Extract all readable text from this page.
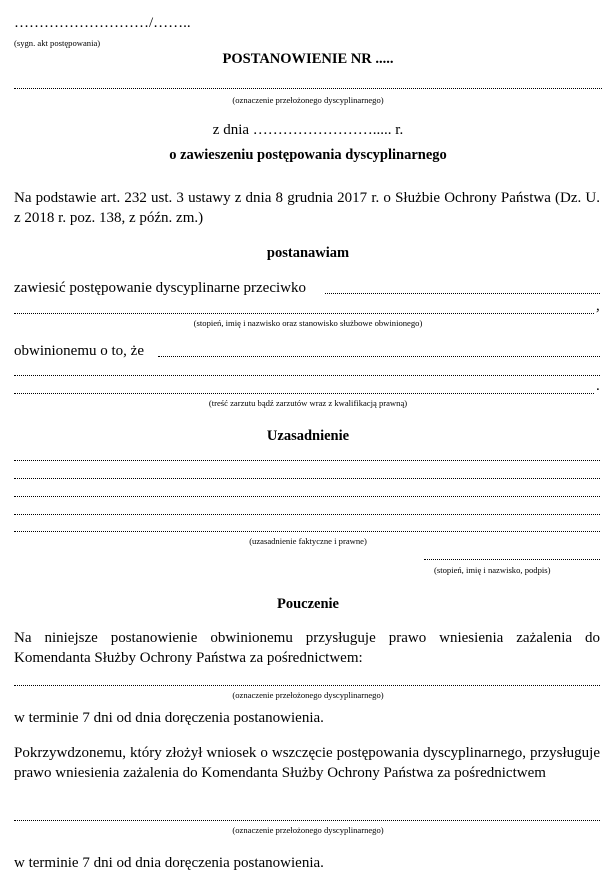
………………………/……..
(sygn. akt postępowania)
POSTANOWIENIE NR .....
(oznaczenie przełożonego dyscyplinarnego)
z dnia ……………………..... r.
o zawieszeniu postępowania dyscyplinarnego
Na podstawie art. 232 ust. 3 ustawy z dnia 8 grudnia 2017 r. o Służbie Ochrony Państwa (Dz. U. z 2018 r. poz. 138, z późn. zm.)
postanawiam
zawiesić postępowanie dyscyplinarne przeciwko
,
(stopień, imię i nazwisko oraz stanowisko służbowe obwinionego)
obwinionemu o to, że
.
(treść zarzutu bądź zarzutów wraz z kwalifikacją prawną)
Uzasadnienie
(uzasadnienie faktyczne i prawne)
(stopień, imię i nazwisko, podpis)
Pouczenie
Na niniejsze postanowienie obwinionemu przysługuje prawo wniesienia zażalenia do Komendanta Służby Ochrony Państwa za pośrednictwem:
(oznaczenie przełożonego dyscyplinarnego)
w terminie 7 dni od dnia doręczenia postanowienia.
Pokrzywdzonemu, który złożył wniosek o wszczęcie postępowania dyscyplinarnego, przysługuje prawo wniesienia zażalenia do Komendanta Służby Ochrony Państwa za pośrednictwem
(oznaczenie przełożonego dyscyplinarnego)
w terminie 7 dni od dnia doręczenia postanowienia.
